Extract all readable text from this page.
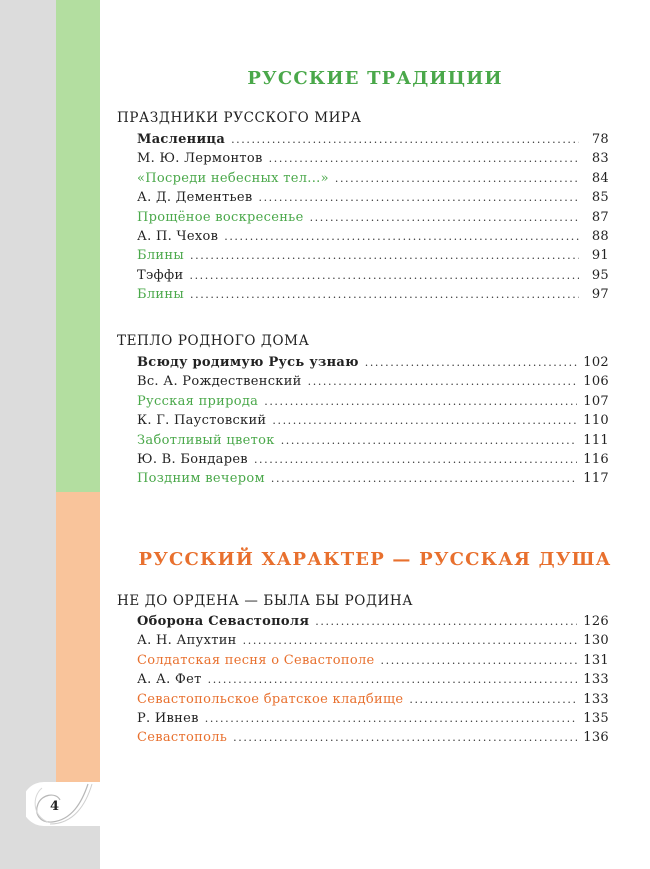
4
РУССКИЕ ТРАДИЦИИ
ПРАЗДНИКИ РУССКОГО МИРА
Масленица .....	78
М. Ю. Лермонтов .....	83
«Посреди небесных тел...» .....	84
А. Д. Дементьев .....	85
Прощёное воскресенье .....	87
А. П. Чехов .....	88
Блины .....	91
Тэффи .....	95
Блины .....	97
ТЕПЛО РОДНОГО ДОМА
Всюду родимую Русь узнаю .....	102
Вс. А. Рождественский .....	106
Русская природа .....	107
К. Г. Паустовский .....	110
Заботливый цветок .....	111
Ю. В. Бондарев .....	116
Поздним вечером .....	117
РУССКИЙ ХАРАКТЕР — РУССКАЯ ДУША
НЕ ДО ОРДЕНА — БЫЛА БЫ РОДИНА
Оборона Севастополя .....	126
А. Н. Апухтин .....	130
Солдатская песня о Севастополе .....	131
А. А. Фет .....	133
Севастопольское братское кладбище .....	133
Р. Ивнев .....	135
Севастополь .....	136
